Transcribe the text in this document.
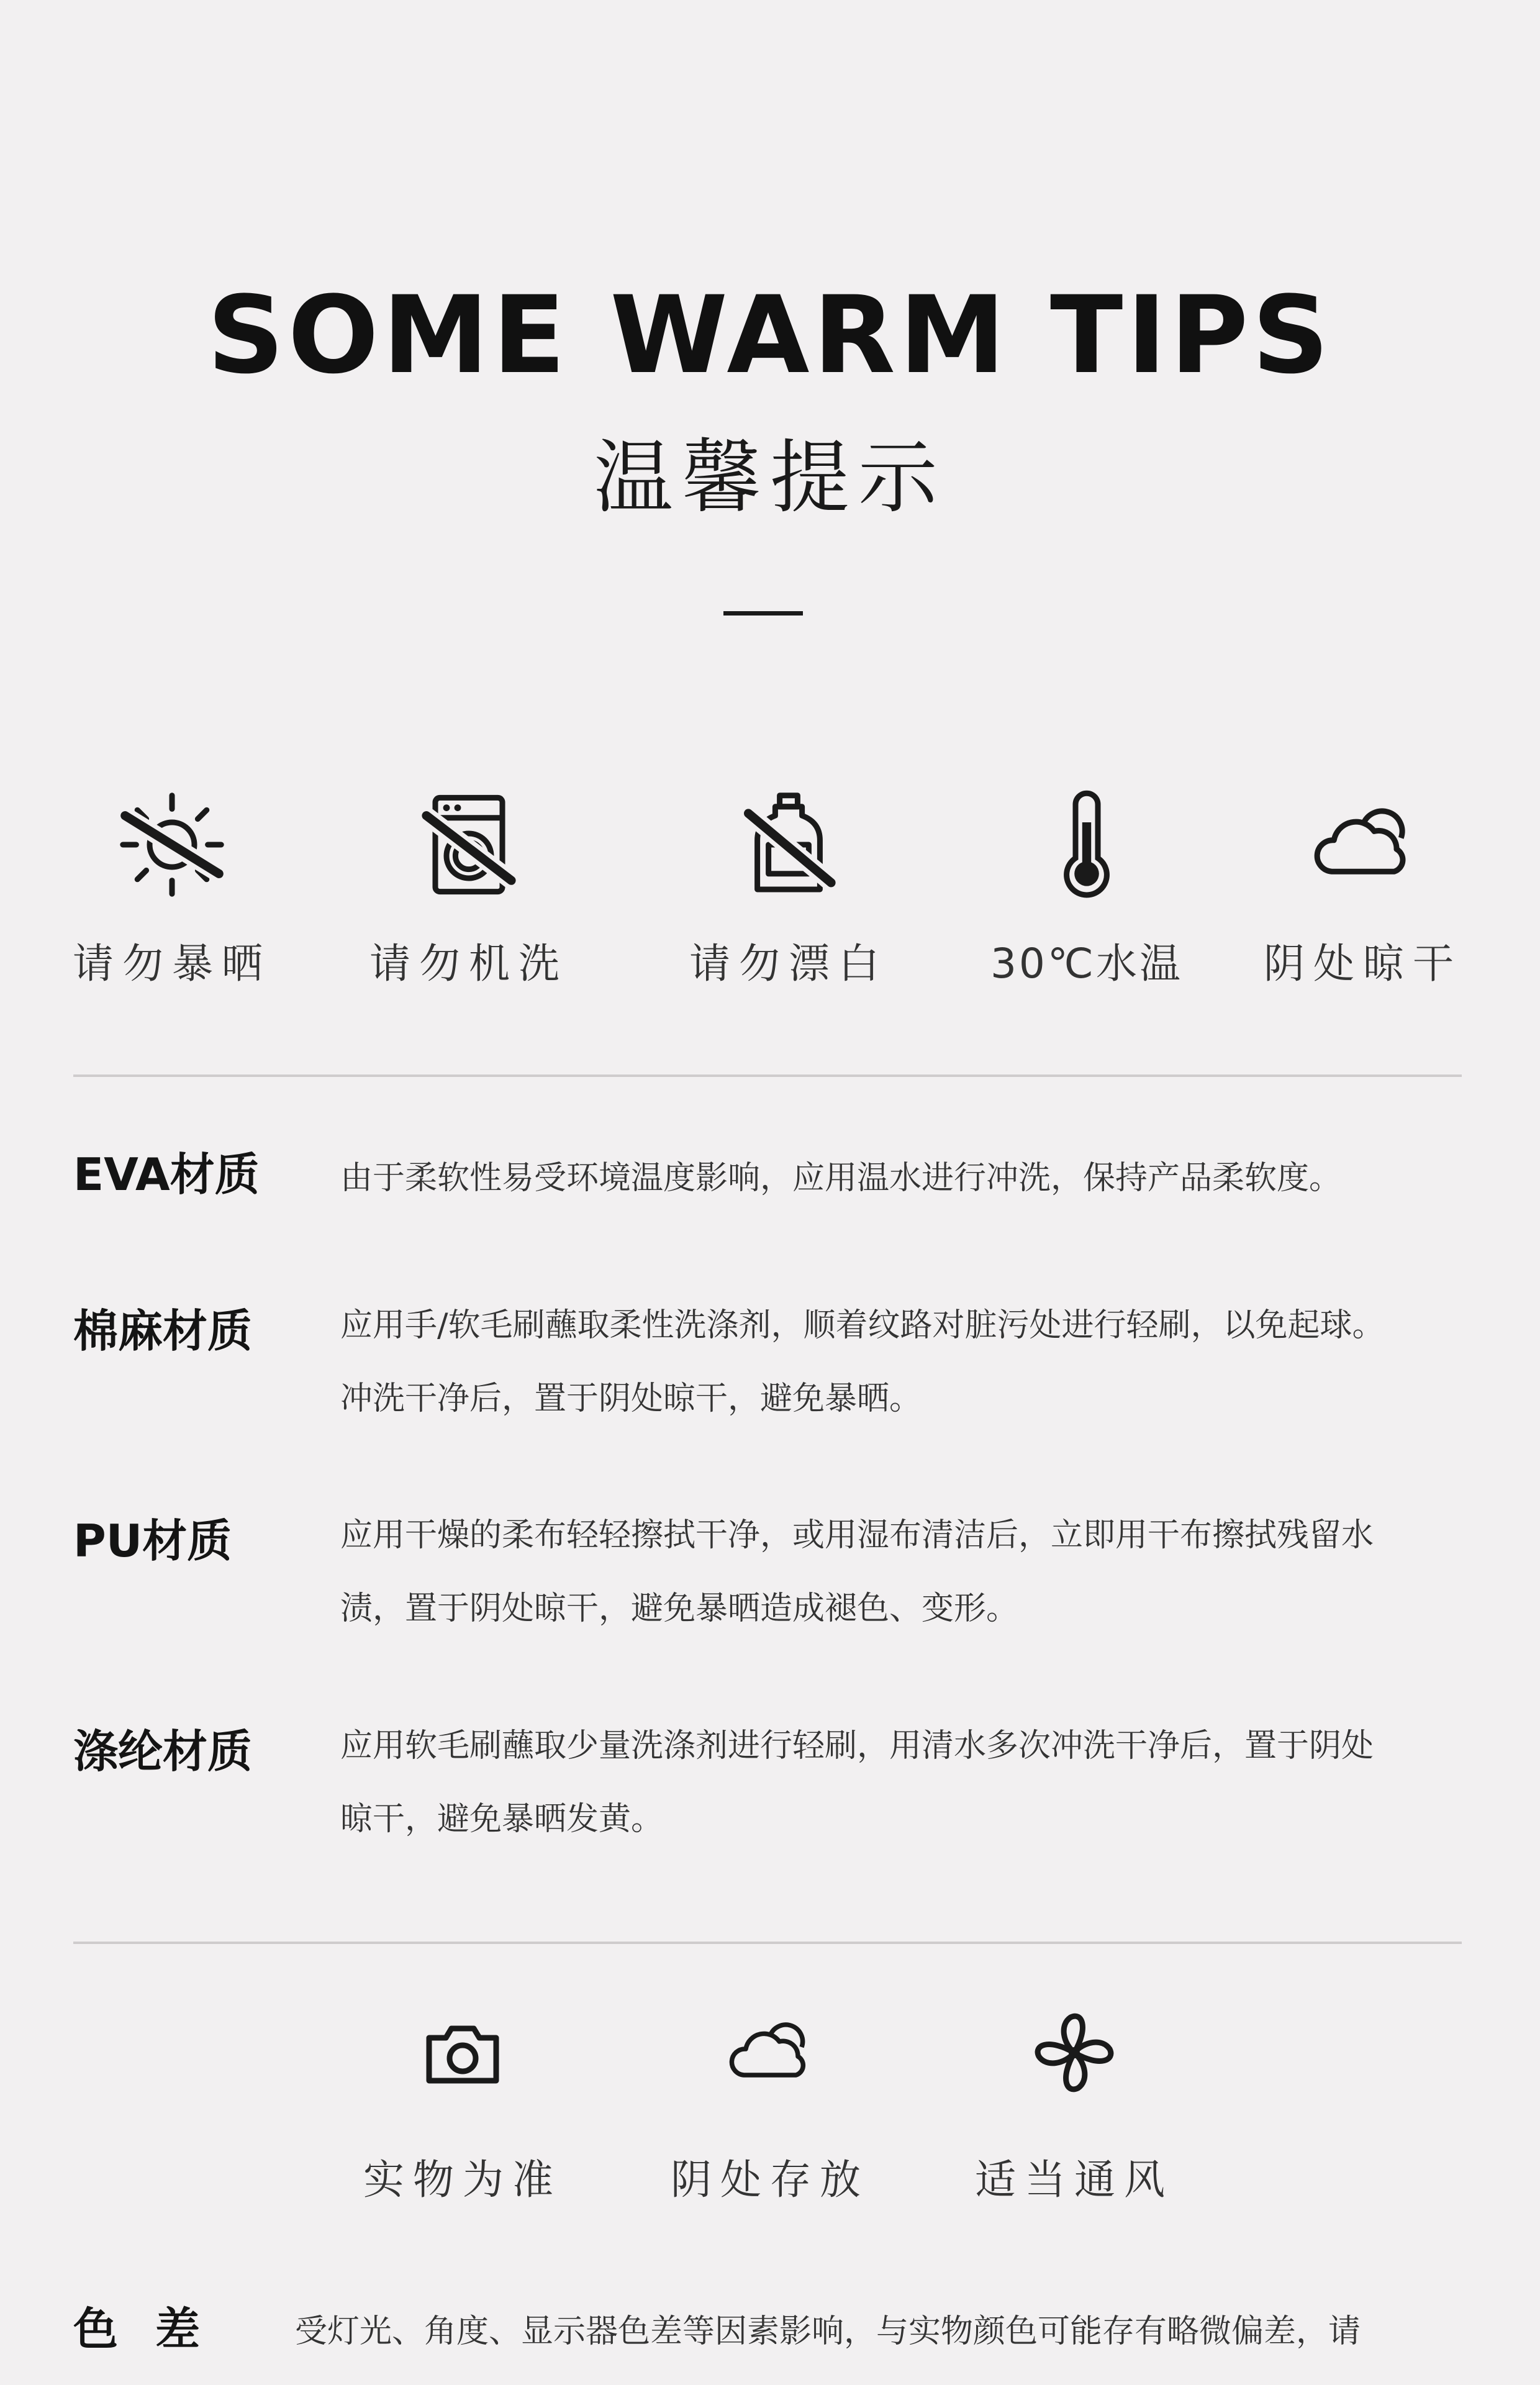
SOME WARM TIPS
温馨提示
请勿暴晒	请勿机洗	请勿漂白	30℃水温	阴处晾干
EVA材质	由于柔软性易受环境温度影响，应用温水进行冲洗，保持产品柔软度。
棉麻材质	应用手/软毛刷蘸取柔性洗涤剂，顺着纹路对脏污处进行轻刷，以免起球。
冲洗干净后，置于阴处晾干，避免暴晒。
PU材质	应用干燥的柔布轻轻擦拭干净，或用湿布清洁后，立即用干布擦拭残留水
渍，置于阴处晾干，避免暴晒造成褪色、变形。
涤纶材质	应用软毛刷蘸取少量洗涤剂进行轻刷，用清水多次冲洗干净后，置于阴处
晾干，避免暴晒发黄。
实物为准	阴处存放	适当通风
色差 受灯光、角度、显示器色差等因素影响，与实物颜色可能存有略微偏差，请
